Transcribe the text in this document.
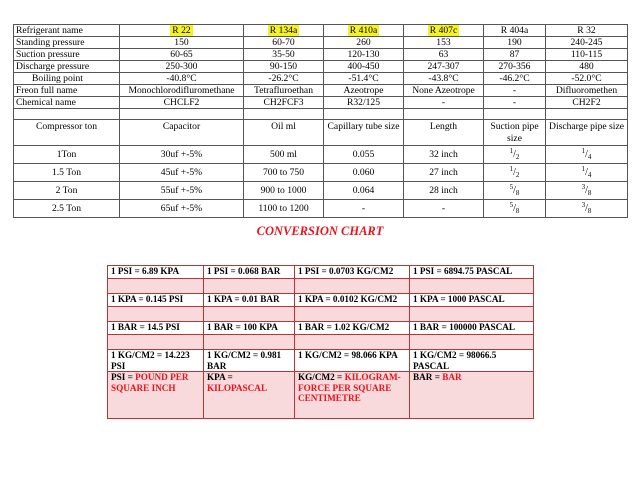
Refrigerant name	R 22	R 134a	R 410a	R 407c	R 404a	R 32
Standing pressure	150	60-70	260	153	190	240-245
Suction pressure	60-65	35-50	120-130	63	87	110-115
Discharge pressure	250-300	90-150	400-450	247-307	270-356	480
Boiling point	-40.8°C	-26.2°C	-51.4°C	-43.8°C	-46.2°C	-52.0°C
Freon full name	Monochlorodifluromethane	Tetrafluroethan	Azeotrope	None Azeotrope	-	Difluoromethen
Chemical name	CHCLF2	CH2FCF3	R32/125	-	-	CH2F2

Compressor ton	Capacitor	Oil ml	Capillary tube size	Length	Suction pipe size	Discharge pipe size
1Ton	30uf +-5%	500 ml	0.055	32 inch	$^1/_2$	$^1/_4$
1.5 Ton	45uf +-5%	700 to 750	0.060	27 inch	$^1/_2$	$^1/_4$
2 Ton	55uf +-5%	900 to 1000	0.064	28 inch	$^5/_8$	$^3/_8$
2.5 Ton	65uf +-5%	1100 to 1200	-	-	$^5/_8$	$^3/_8$
CONVERSION CHART
1 PSI = 6.89 KPA	1 PSI = 0.068 BAR	1 PSI = 0.0703 KG/CM2	1 PSI = 6894.75 PASCAL

1 KPA = 0.145 PSI	1 KPA = 0.01 BAR	1 KPA = 0.0102 KG/CM2	1 KPA = 1000 PASCAL

1 BAR = 14.5 PSI	1 BAR = 100 KPA	1 BAR = 1.02 KG/CM2	1 BAR = 100000 PASCAL

1 KG/CM2 = 14.223 PSI	1 KG/CM2 = 0.981 BAR	1 KG/CM2 = 98.066 KPA	1 KG/CM2 = 98066.5 PASCAL
PSI = POUND PER SQUARE INCH	KPA = KILOPASCAL	KG/CM2 = KILOGRAM-FORCE PER SQUARE CENTIMETRE	BAR = BAR
